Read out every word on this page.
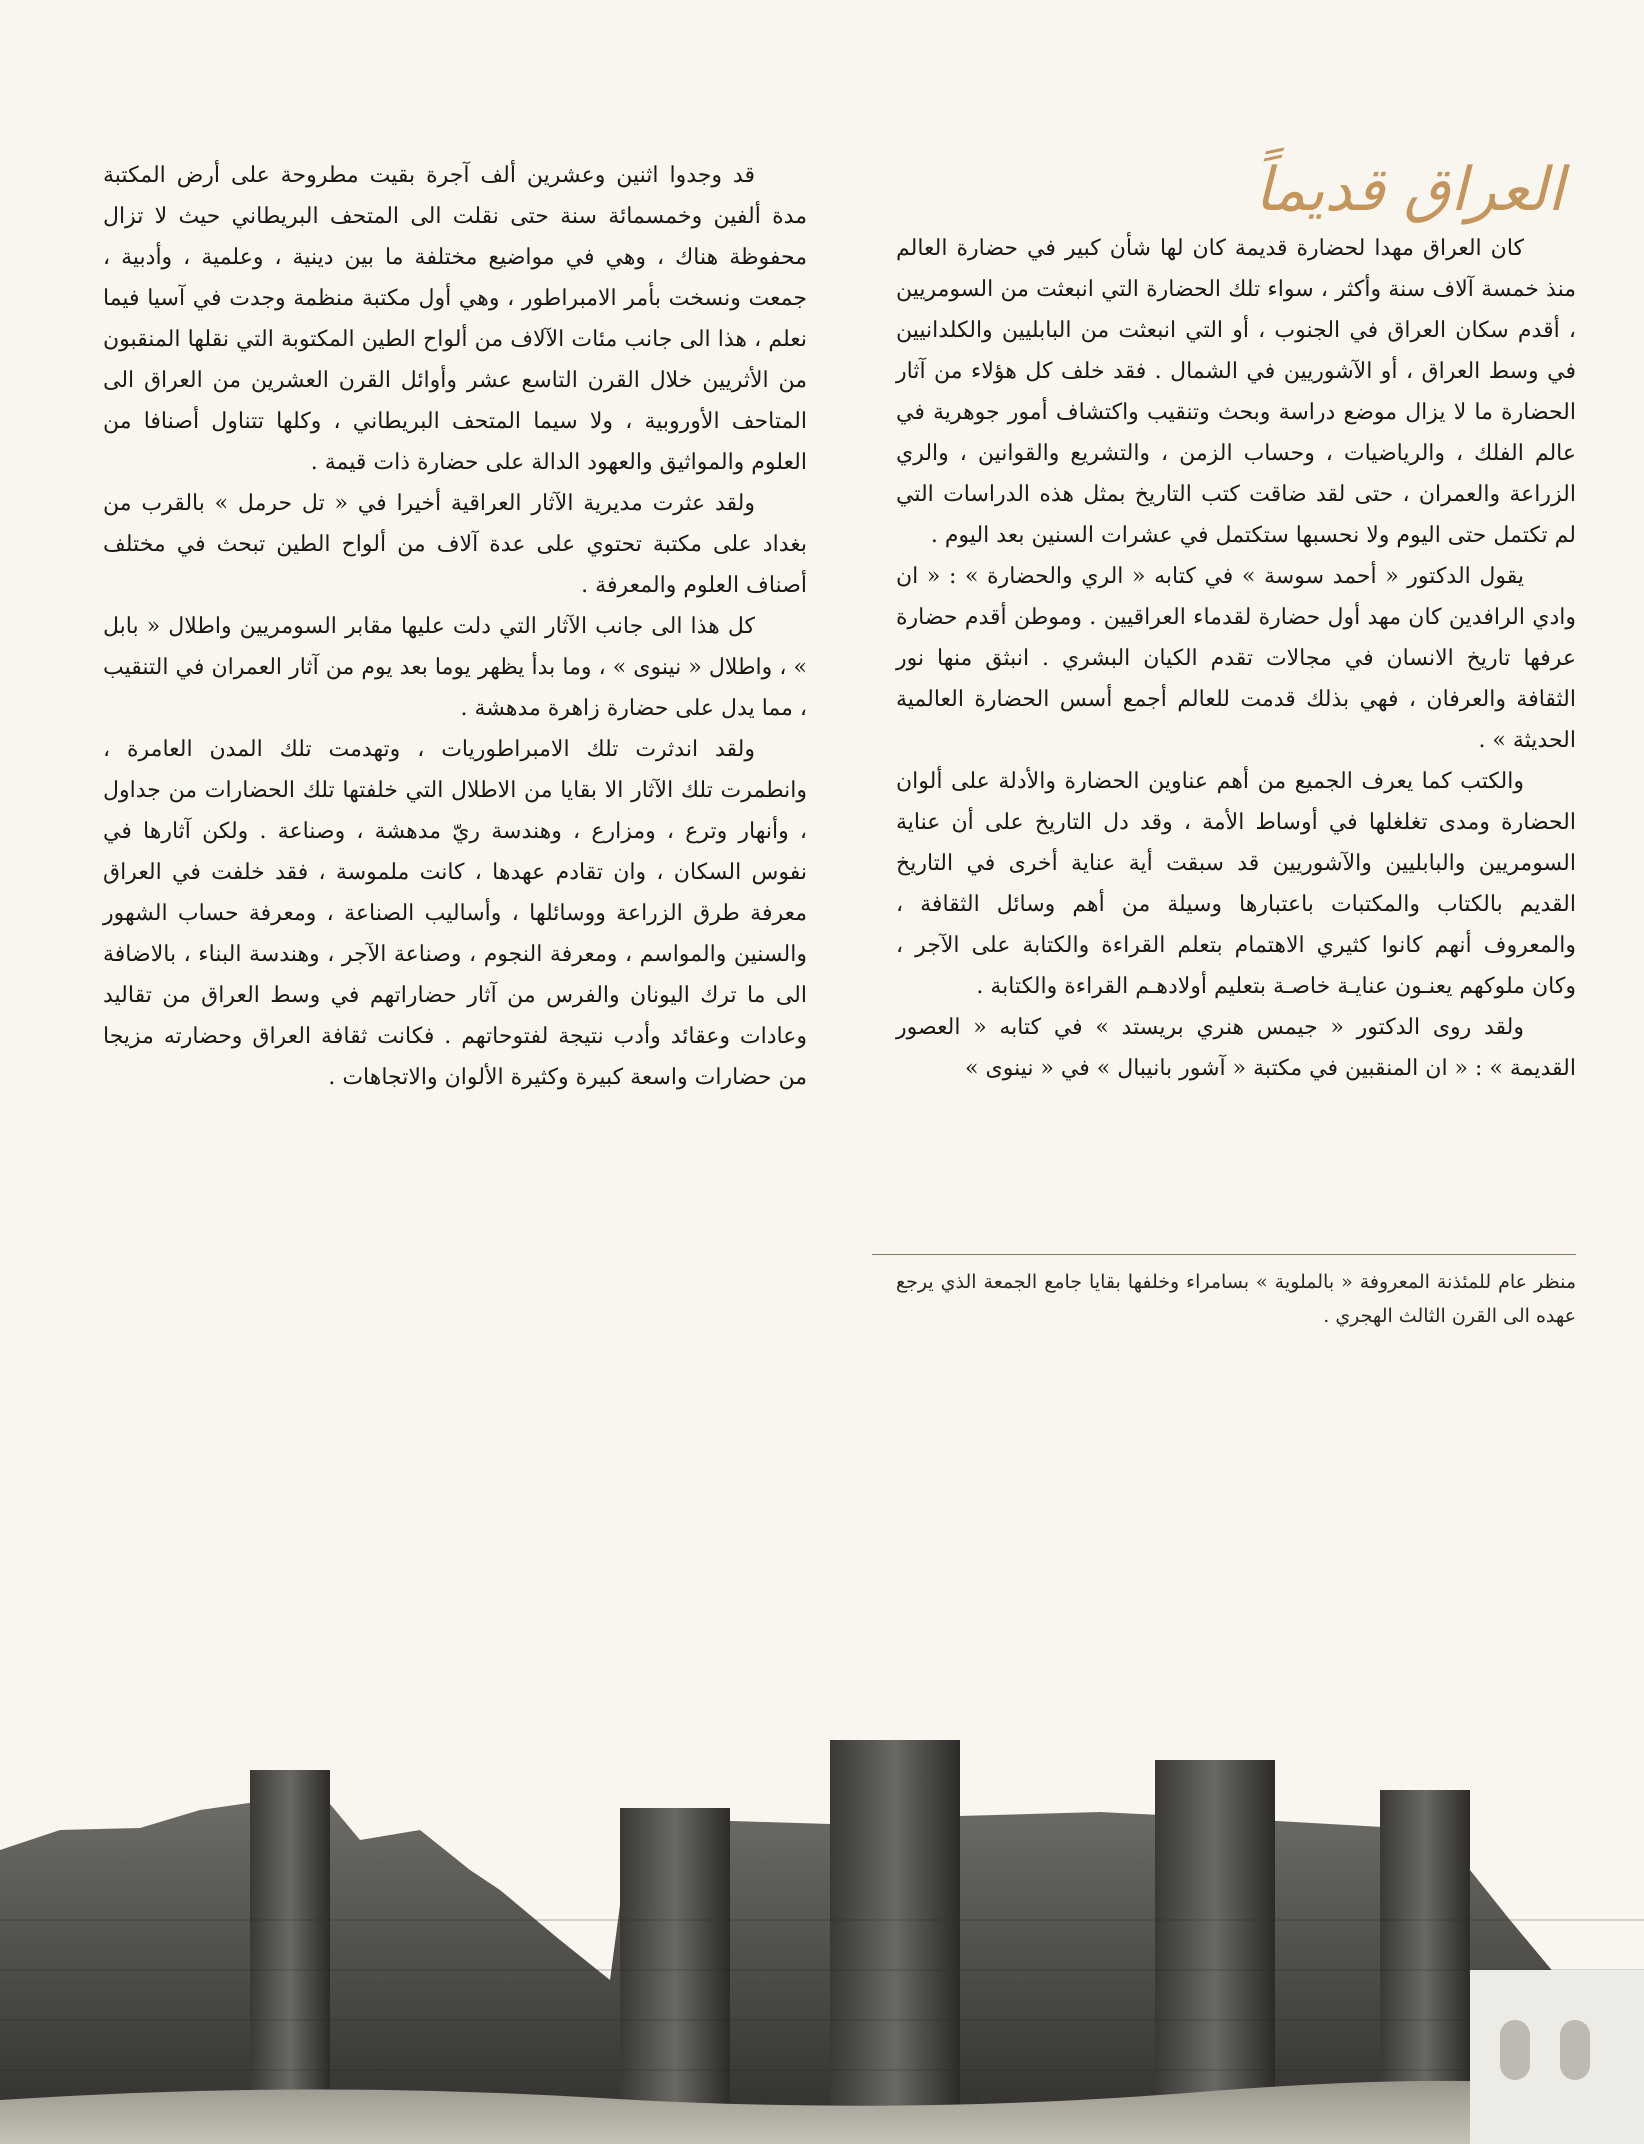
العراق قديماً

كان العراق مهدا لحضارة قديمة كان لها شأن كبير في حضارة العالم منذ خمسة آلاف سنة وأكثر ، سواء تلك الحضارة التي انبعثت من السومريين ، أقدم سكان العراق في الجنوب ، أو التي انبعثت من البابليين والكلدانيين في وسط العراق ، أو الآشوريين في الشمال . فقد خلف كل هؤلاء من آثار الحضارة ما لا يزال موضع دراسة وبحث وتنقيب واكتشاف أمور جوهرية في عالم الفلك ، والرياضيات ، وحساب الزمن ، والتشريع والقوانين ، والري الزراعة والعمران ، حتى لقد ضاقت كتب التاريخ بمثل هذه الدراسات التي لم تكتمل حتى اليوم ولا نحسبها ستكتمل في عشرات السنين بعد اليوم .

يقول الدكتور « أحمد سوسة » في كتابه « الري والحضارة » : « ان وادي الرافدين كان مهد أول حضارة لقدماء العراقيين . وموطن أقدم حضارة عرفها تاريخ الانسان في مجالات تقدم الكيان البشري . انبثق منها نور الثقافة والعرفان ، فهي بذلك قدمت للعالم أجمع أسس الحضارة العالمية الحديثة » .

والكتب كما يعرف الجميع من أهم عناوين الحضارة والأدلة على ألوان الحضارة ومدى تغلغلها في أوساط الأمة ، وقد دل التاريخ على أن عناية السومريين والبابليين والآشوريين قد سبقت أية عناية أخرى في التاريخ القديم بالكتاب والمكتبات باعتبارها وسيلة من أهم وسائل الثقافة ، والمعروف أنهم كانوا كثيري الاهتمام بتعلم القراءة والكتابة على الآجر ، وكان ملوكهم يعنـون عنايـة خاصـة بتعليم أولادهـم القراءة والكتابة .

ولقد روى الدكتور « جيمس هنري بريستد » في كتابه « العصور القديمة » : « ان المنقبين في مكتبة « آشور بانيبال » في « نينوى »

منظر عام للمئذنة المعروفة « بالملوية » بسامراء وخلفها بقايا جامع الجمعة الذي يرجع عهده الى القرن الثالث الهجري .

قد وجدوا اثنين وعشرين ألف آجرة بقيت مطروحة على أرض المكتبة مدة ألفين وخمسمائة سنة حتى نقلت الى المتحف البريطاني حيث لا تزال محفوظة هناك ، وهي في مواضيع مختلفة ما بين دينية ، وعلمية ، وأدبية ، جمعت ونسخت بأمر الامبراطور ، وهي أول مكتبة منظمة وجدت في آسيا فيما نعلم ، هذا الى جانب مئات الآلاف من ألواح الطين المكتوبة التي نقلها المنقبون من الأثريين خلال القرن التاسع عشر وأوائل القرن العشرين من العراق الى المتاحف الأوروبية ، ولا سيما المتحف البريطاني ، وكلها تتناول أصنافا من العلوم والمواثيق والعهود الدالة على حضارة ذات قيمة .

ولقد عثرت مديرية الآثار العراقية أخيرا في « تل حرمل » بالقرب من بغداد على مكتبة تحتوي على عدة آلاف من ألواح الطين تبحث في مختلف أصناف العلوم والمعرفة .

كل هذا الى جانب الآثار التي دلت عليها مقابر السومريين واطلال « بابل » ، واطلال « نينوى » ، وما بدأ يظهر يوما بعد يوم من آثار العمران في التنقيب ، مما يدل على حضارة زاهرة مدهشة .

ولقد اندثرت تلك الامبراطوريات ، وتهدمت تلك المدن العامرة ، وانطمرت تلك الآثار الا بقايا من الاطلال التي خلفتها تلك الحضارات من جداول ، وأنهار وترع ، ومزارع ، وهندسة ريّ مدهشة ، وصناعة . ولكن آثارها في نفوس السكان ، وان تقادم عهدها ، كانت ملموسة ، فقد خلفت في العراق معرفة طرق الزراعة ووسائلها ، وأساليب الصناعة ، ومعرفة حساب الشهور والسنين والمواسم ، ومعرفة النجوم ، وصناعة الآجر ، وهندسة البناء ، بالاضافة الى ما ترك اليونان والفرس من آثار حضاراتهم في وسط العراق من تقاليد وعادات وعقائد وأدب نتيجة لفتوحاتهم . فكانت ثقافة العراق وحضارته مزيجا من حضارات واسعة كبيرة وكثيرة الألوان والاتجاهات .
